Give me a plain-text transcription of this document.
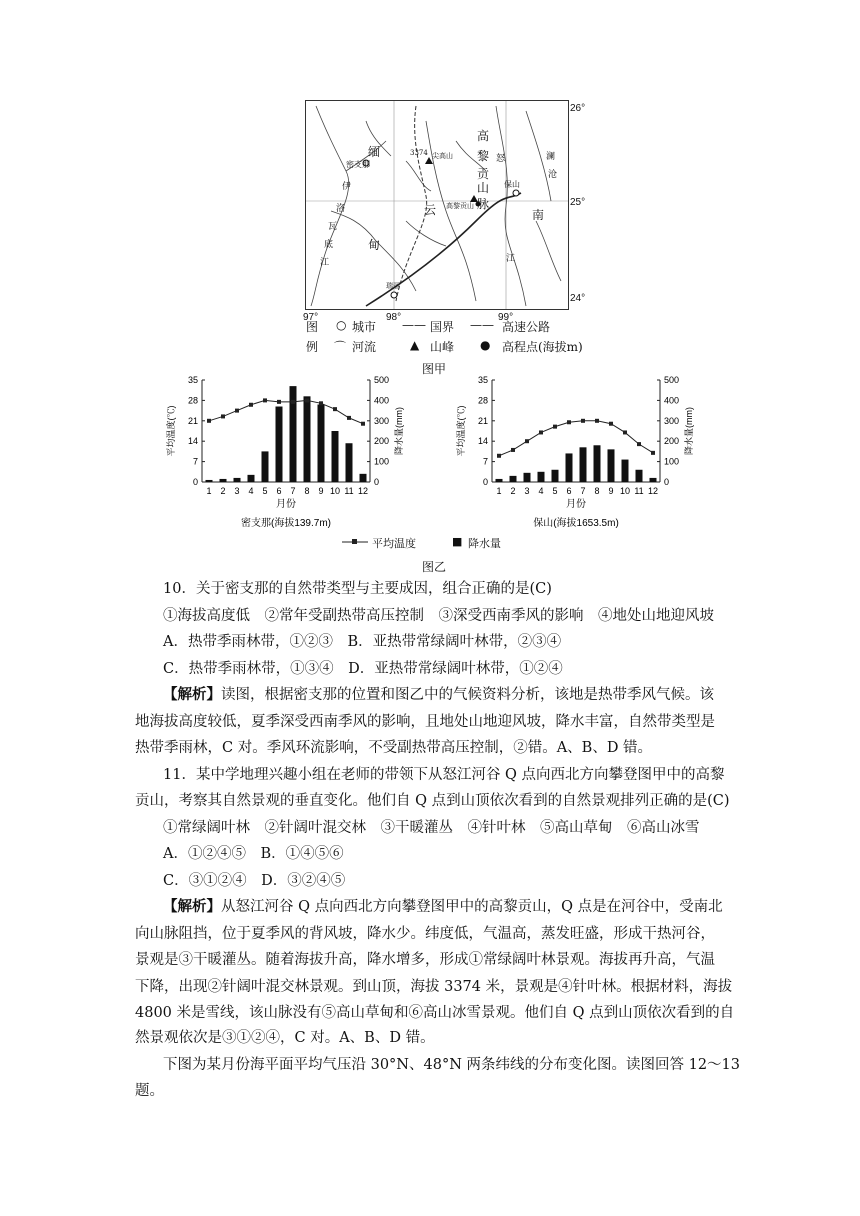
缅
甸
高
黎
贡
山
脉
怒
江
云	南
保山
密支那
3374
高黎贡山
尖高山
瑞丽
伊
洛
瓦
底
江
澜
沧
26°
25°
24°
97°	98°	99°
图 ○ 城市 —— 国界 —— 高速公路
例 ⌒ 河流	▲ 山峰 ● 高程点(海拔m)
图甲
0
7
14
21
28
35
0
100
200
300
400
500
1 2 3 4 5 6 7 8 9 10 11 12
平均温度(℃)	降水量(mm)
月份
密支那(海拔139.7m)
0
7
14
21
28
35
0
100
200
300
400
500
1 2 3 4 5 6 7 8 9 10 11 12
平均温度(℃)	降水量(mm)
月份
保山(海拔1653.5m)
平均温度	■ 降水量
图乙
10．关于密支那的自然带类型与主要成因，组合正确的是(C)
①海拔高度低　②常年受副热带高压控制　③深受西南季风的影响　④地处山地迎风坡
A．热带季雨林带，①②③　B．亚热带常绿阔叶林带，②③④
C．热带季雨林带，①③④　D．亚热带常绿阔叶林带，①②④
【解析】读图，根据密支那的位置和图乙中的气候资料分析，该地是热带季风气候。该
地海拔高度较低，夏季深受西南季风的影响，且地处山地迎风坡，降水丰富，自然带类型是
热带季雨林，C 对。季风环流影响，不受副热带高压控制，②错。A、B、D 错。
11．某中学地理兴趣小组在老师的带领下从怒江河谷 Q 点向西北方向攀登图甲中的高黎
贡山，考察其自然景观的垂直变化。他们自 Q 点到山顶依次看到的自然景观排列正确的是(C)
①常绿阔叶林　②针阔叶混交林　③干暖灌丛　④针叶林　⑤高山草甸　⑥高山冰雪
A．①②④⑤　B．①④⑤⑥
C．③①②④　D．③②④⑤
【解析】从怒江河谷 Q 点向西北方向攀登图甲中的高黎贡山，Q 点是在河谷中，受南北
向山脉阻挡，位于夏季风的背风坡，降水少。纬度低，气温高，蒸发旺盛，形成干热河谷，
景观是③干暖灌丛。随着海拔升高，降水增多，形成①常绿阔叶林景观。海拔再升高，气温
下降，出现②针阔叶混交林景观。到山顶，海拔 3374 米，景观是④针叶林。根据材料，海拔
4800 米是雪线，该山脉没有⑤高山草甸和⑥高山冰雪景观。他们自 Q 点到山顶依次看到的自
然景观依次是③①②④，C 对。A、B、D 错。
下图为某月份海平面平均气压沿 30°N、48°N 两条纬线的分布变化图。读图回答 12～13
题。
